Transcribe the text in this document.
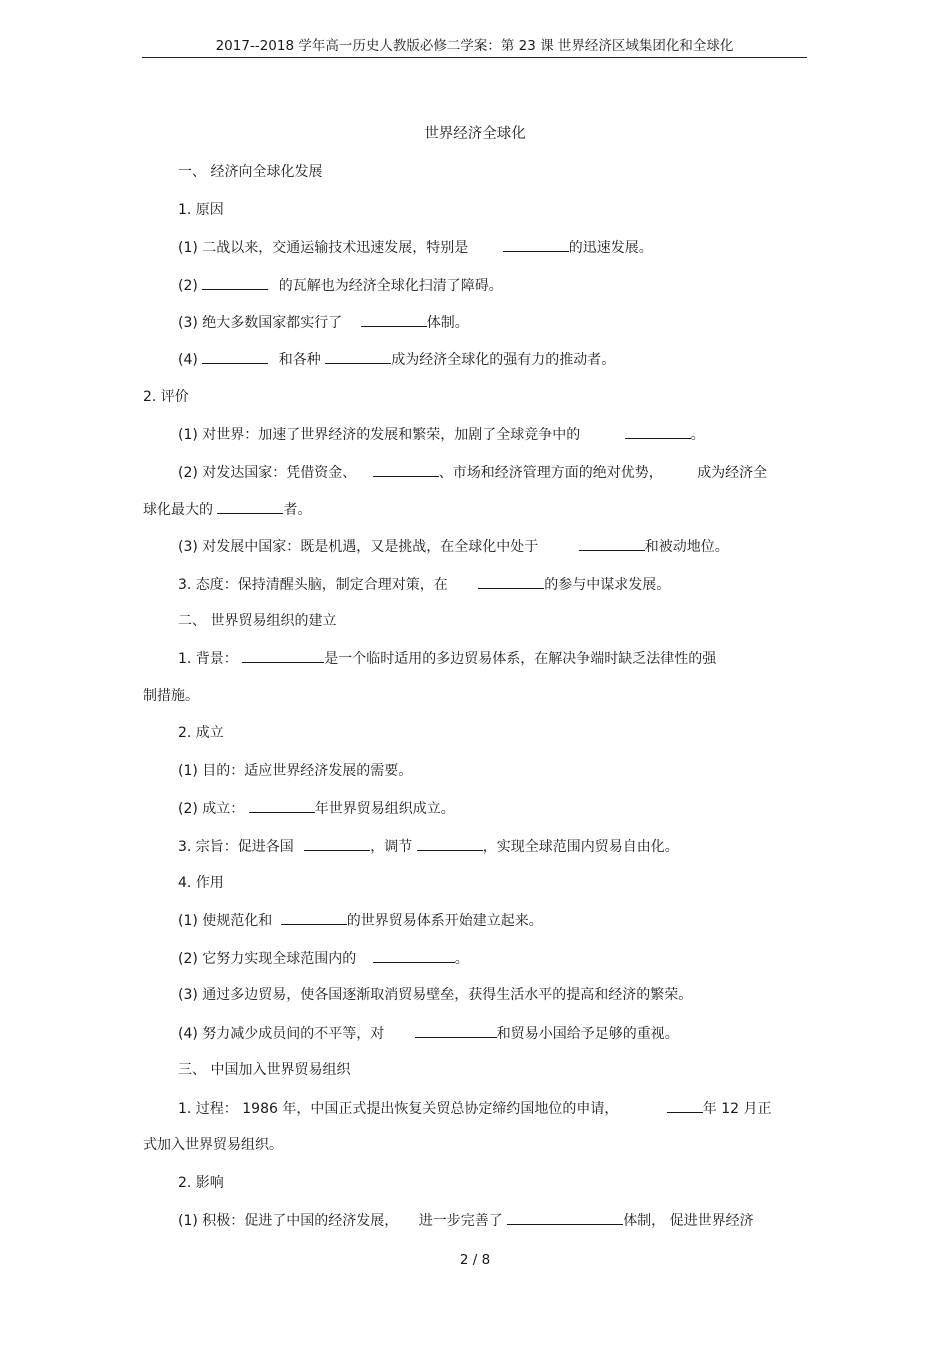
2017--2018 学年高一历史人教版必修二学案：第 23 课 世界经济区域集团化和全球化
世界经济全球化
一、 经济向全球化发展
1. 原因
(1) 二战以来，交通运输技术迅速发展，特别是	的迅速发展。
(2)	的瓦解也为经济全球化扫清了障碍。
(3) 绝大多数国家都实行了	体制。
(4)	和各种	成为经济全球化的强有力的推动者。
2. 评价
(1) 对世界：加速了世界经济的发展和繁荣，加剧了全球竞争中的	。
(2) 对发达国家：凭借资金、	、市场和经济管理方面的绝对优势， 成为经济全
球化最大的	者。
(3) 对发展中国家：既是机遇，又是挑战，在全球化中处于	和被动地位。
3. 态度：保持清醒头脑，制定合理对策，在	的参与中谋求发展。
二、 世界贸易组织的建立
1. 背景：	是一个临时适用的多边贸易体系，在解决争端时缺乏法律性的强
制措施。
2. 成立
(1) 目的：适应世界经济发展的需要。
(2) 成立：	年世界贸易组织成立。
3. 宗旨：促进各国	，调节	，实现全球范围内贸易自由化。
4. 作用
(1) 使规范化和	的世界贸易体系开始建立起来。
(2) 它努力实现全球范围内的	。
(3) 通过多边贸易，使各国逐渐取消贸易壁垒，获得生活水平的提高和经济的繁荣。
(4) 努力减少成员间的不平等，对	和贸易小国给予足够的重视。
三、 中国加入世界贸易组织
1. 过程： 1986 年，中国正式提出恢复关贸总协定缔约国地位的申请，	年 12 月正
式加入世界贸易组织。
2. 影响
(1) 积极：促进了中国的经济发展， 进一步完善了	体制， 促进世界经济
2 / 8
